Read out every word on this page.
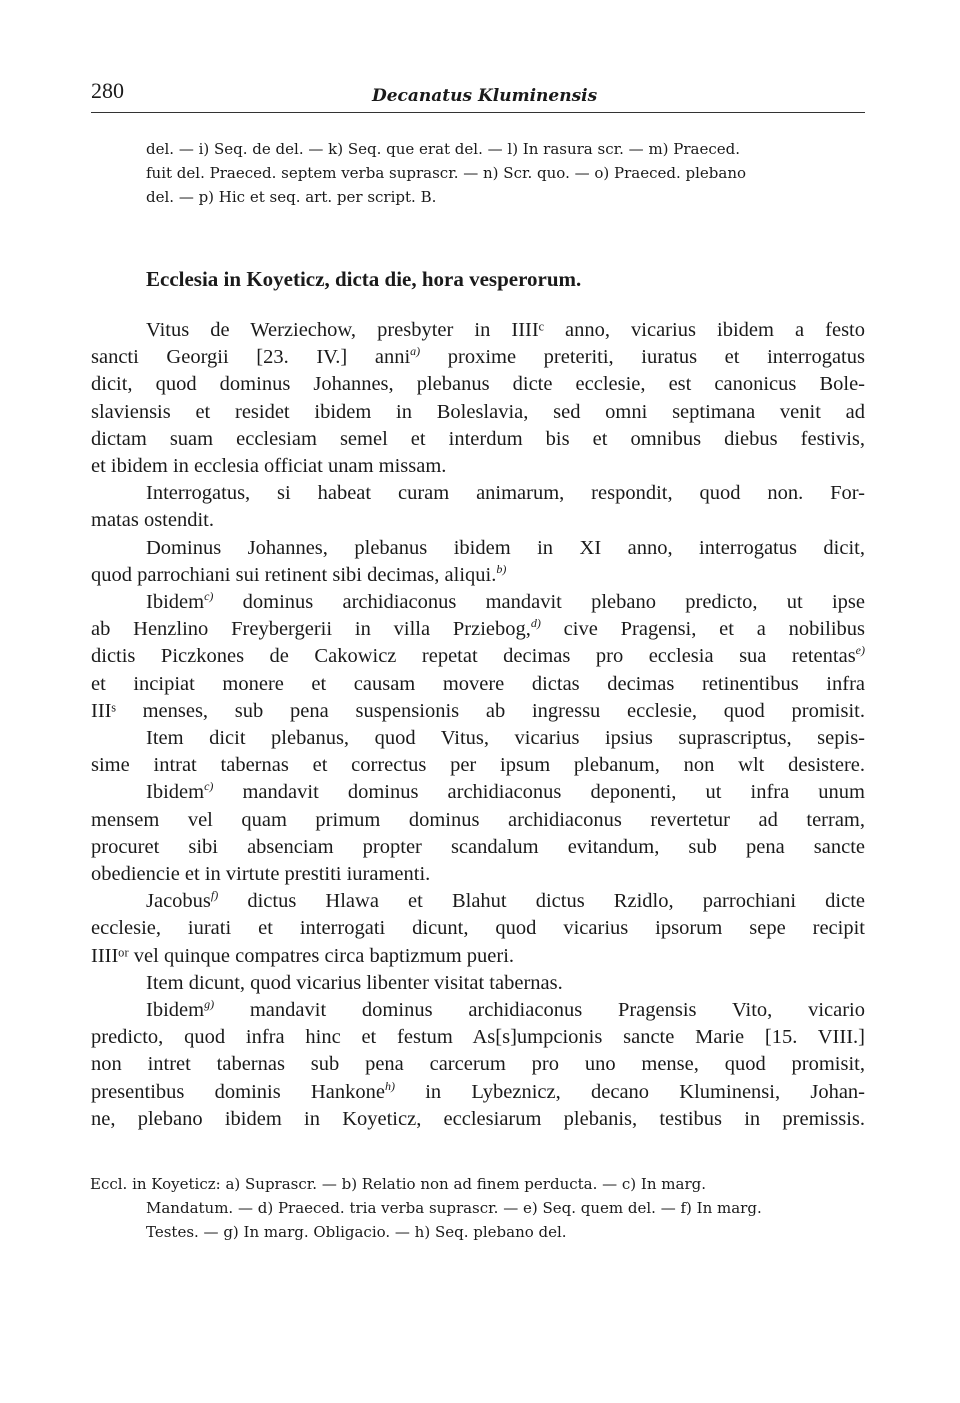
280	Decanatus Kluminensis
del. — i) Seq. de del. — k) Seq. que erat del. — l) In rasura scr. — m) Praeced.
fuit del. Praeced. septem verba suprascr. — n) Scr. quo. — o) Praeced. plebano
del. — p) Hic et seq. art. per script. B.
Ecclesia in Koyeticz, dicta die, hora vesperorum.
Vitus de Werziechow, presbyter in IIIIᶜ anno, vicarius ibidem a festo
sancti Georgii [23. IV.] anni$^{a)}$ proxime preteriti, iuratus et interrogatus
dicit, quod dominus Johannes, plebanus dicte ecclesie, est canonicus Bole-
slaviensis et residet ibidem in Boleslavia, sed omni septimana venit ad
dictam suam ecclesiam semel et interdum bis et omnibus diebus festivis,
et ibidem in ecclesia officiat unam missam.
Interrogatus, si habeat curam animarum, respondit, quod non. For-
matas ostendit.
Dominus Johannes, plebanus ibidem in XI anno, interrogatus dicit,
quod parrochiani sui retinent sibi decimas, aliqui.$^{b)}$
Ibidem$^{c)}$ dominus archidiaconus mandavit plebano predicto, ut ipse
ab Henzlino Freybergerii in villa Prziebog,$^{d)}$ cive Pragensi, et a nobilibus
dictis Piczkones de Cakowicz repetat decimas pro ecclesia sua retentas$^{e)}$
et incipiat monere et causam movere dictas decimas retinentibus infra
IIIˢ menses, sub pena suspensionis ab ingressu ecclesie, quod promisit.
Item dicit plebanus, quod Vitus, vicarius ipsius suprascriptus, sepis-
sime intrat tabernas et correctus per ipsum plebanum, non wlt desistere.
Ibidem$^{c)}$ mandavit dominus archidiaconus deponenti, ut infra unum
mensem vel quam primum dominus archidiaconus revertetur ad terram,
procuret sibi absenciam propter scandalum evitandum, sub pena sancte
obediencie et in virtute prestiti iuramenti.
Jacobus$^{f)}$ dictus Hlawa et Blahut dictus Rzidlo, parrochiani dicte
ecclesie, iurati et interrogati dicunt, quod vicarius ipsorum sepe recipit
IIIIᵒʳ vel quinque compatres circa baptizmum pueri.
Item dicunt, quod vicarius libenter visitat tabernas.
Ibidem$^{g)}$ mandavit dominus archidiaconus Pragensis Vito, vicario
predicto, quod infra hinc et festum As[s]umpcionis sancte Marie [15. VIII.]
non intret tabernas sub pena carcerum pro uno mense, quod promisit,
presentibus dominis Hankone$^{h)}$ in Lybeznicz, decano Kluminensi, Johan-
ne, plebano ibidem in Koyeticz, ecclesiarum plebanis, testibus in premissis.
Eccl. in Koyeticz: a) Suprascr. — b) Relatio non ad finem perducta. — c) In marg.
Mandatum. — d) Praeced. tria verba suprascr. — e) Seq. quem del. — f) In marg.
Testes. — g) In marg. Obligacio. — h) Seq. plebano del.
